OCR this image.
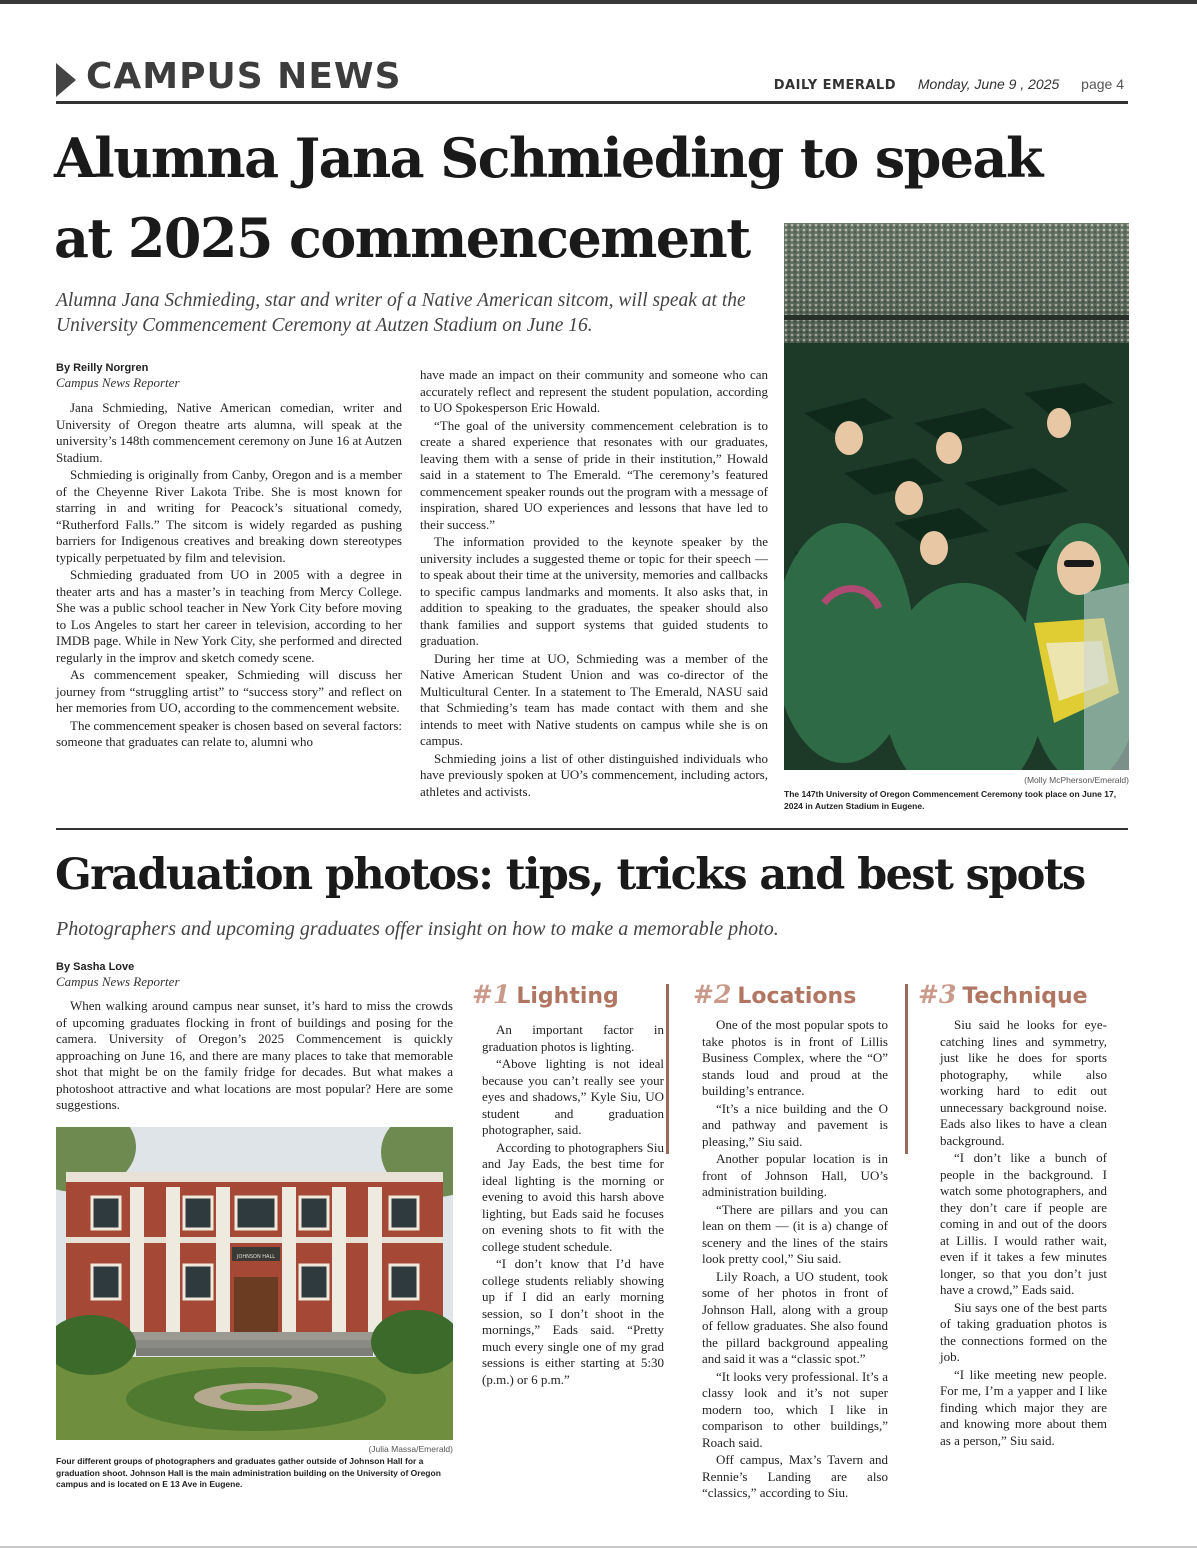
CAMPUS NEWS	DAILY EMERALD Monday, June 9 , 2025 page 4
Alumna Jana Schmieding to speak
at 2025 commencement
Alumna Jana Schmieding, star and writer of a Native American sitcom, will speak at the University Commencement Ceremony at Autzen Stadium on June 16.
By Reilly Norgren
Campus News Reporter

Jana Schmieding, Native American comedian, writer and University of Oregon theatre arts alumna, will speak at the university’s 148th commencement ceremony on June 16 at Autzen Stadium.

Schmieding is originally from Canby, Oregon and is a member of the Cheyenne River Lakota Tribe. She is most known for starring in and writing for Peacock’s situational comedy, “Rutherford Falls.” The sitcom is widely regarded as pushing barriers for Indigenous creatives and breaking down stereotypes typically perpetuated by film and television.

Schmieding graduated from UO in 2005 with a degree in theater arts and has a master’s in teaching from Mercy College. She was a public school teacher in New York City before moving to Los Angeles to start her career in television, according to her IMDB page. While in New York City, she performed and directed regularly in the improv and sketch comedy scene.

As commencement speaker, Schmieding will discuss her journey from “struggling artist” to “success story” and reflect on her memories from UO, according to the commencement website.

The commencement speaker is chosen based on several factors: someone that graduates can relate to, alumni who

have made an impact on their community and someone who can accurately reflect and represent the student population, according to UO Spokesperson Eric Howald.

“The goal of the university commencement celebration is to create a shared experience that resonates with our graduates, leaving them with a sense of pride in their institution,” Howald said in a statement to The Emerald. “The ceremony’s featured commencement speaker rounds out the program with a message of inspiration, shared UO experiences and lessons that have led to their success.”

The information provided to the keynote speaker by the university includes a suggested theme or topic for their speech — to speak about their time at the university, memories and callbacks to specific campus landmarks and moments. It also asks that, in addition to speaking to the graduates, the speaker should also thank families and support systems that guided students to graduation.

During her time at UO, Schmieding was a member of the Native American Student Union and was co-director of the Multicultural Center. In a statement to The Emerald, NASU said that Schmieding’s team has made contact with them and she intends to meet with Native students on campus while she is on campus.

Schmieding joins a list of other distinguished individuals who have previously spoken at UO’s commencement, including actors, athletes and activists.

(Molly McPherson/Emerald)
The 147th University of Oregon Commencement Ceremony took place on June 17, 2024 in Autzen Stadium in Eugene.
Graduation photos: tips, tricks and best spots
Photographers and upcoming graduates offer insight on how to make a memorable photo.
By Sasha Love
Campus News Reporter

When walking around campus near sunset, it’s hard to miss the crowds of upcoming graduates flocking in front of buildings and posing for the camera. University of Oregon’s 2025 Commencement is quickly approaching on June 16, and there are many places to take that memorable shot that might be on the family fridge for decades. But what makes a photoshoot attractive and what locations are most popular? Here are some suggestions.

JOHNSON HALL
(Julia Massa/Emerald)
Four different groups of photographers and graduates gather outside of Johnson Hall for a graduation shoot. Johnson Hall is the main administration building on the University of Oregon campus and is located on E 13 Ave in Eugene.
#1 Lighting	#2 Locations #3 Technique

An important factor in graduation photos is lighting.

“Above lighting is not ideal because you can’t really see your eyes and shadows,” Kyle Siu, UO student and graduation photographer, said.

According to photographers Siu and Jay Eads, the best time for ideal lighting is the morning or evening to avoid this harsh above lighting, but Eads said he focuses on evening shots to fit with the college student schedule.

“I don’t know that I’d have college students reliably showing up if I did an early morning session, so I don’t shoot in the mornings,” Eads said. “Pretty much every single one of my grad sessions is either starting at 5:30 (p.m.) or 6 p.m.”

One of the most popular spots to take photos is in front of Lillis Business Complex, where the “O” stands loud and proud at the building’s entrance.

“It’s a nice building and the O and pathway and pavement is pleasing,” Siu said.

Another popular location is in front of Johnson Hall, UO’s administration building.

“There are pillars and you can lean on them — (it is a) change of scenery and the lines of the stairs look pretty cool,” Siu said.

Lily Roach, a UO student, took some of her photos in front of Johnson Hall, along with a group of fellow graduates. She also found the pillard background appealing and said it was a “classic spot.”

“It looks very professional. It’s a classy look and it’s not super modern too, which I like in comparison to other buildings,” Roach said.

Off campus, Max’s Tavern and Rennie’s Landing are also “classics,” according to Siu.

Siu said he looks for eye-catching lines and symmetry, just like he does for sports photography, while also working hard to edit out unnecessary background noise. Eads also likes to have a clean background.

“I don’t like a bunch of people in the background. I watch some photographers, and they don’t care if people are coming in and out of the doors at Lillis. I would rather wait, even if it takes a few minutes longer, so that you don’t just have a crowd,” Eads said.

Siu says one of the best parts of taking graduation photos is the connections formed on the job.

“I like meeting new people. For me, I’m a yapper and I like finding which major they are and knowing more about them as a person,” Siu said.
